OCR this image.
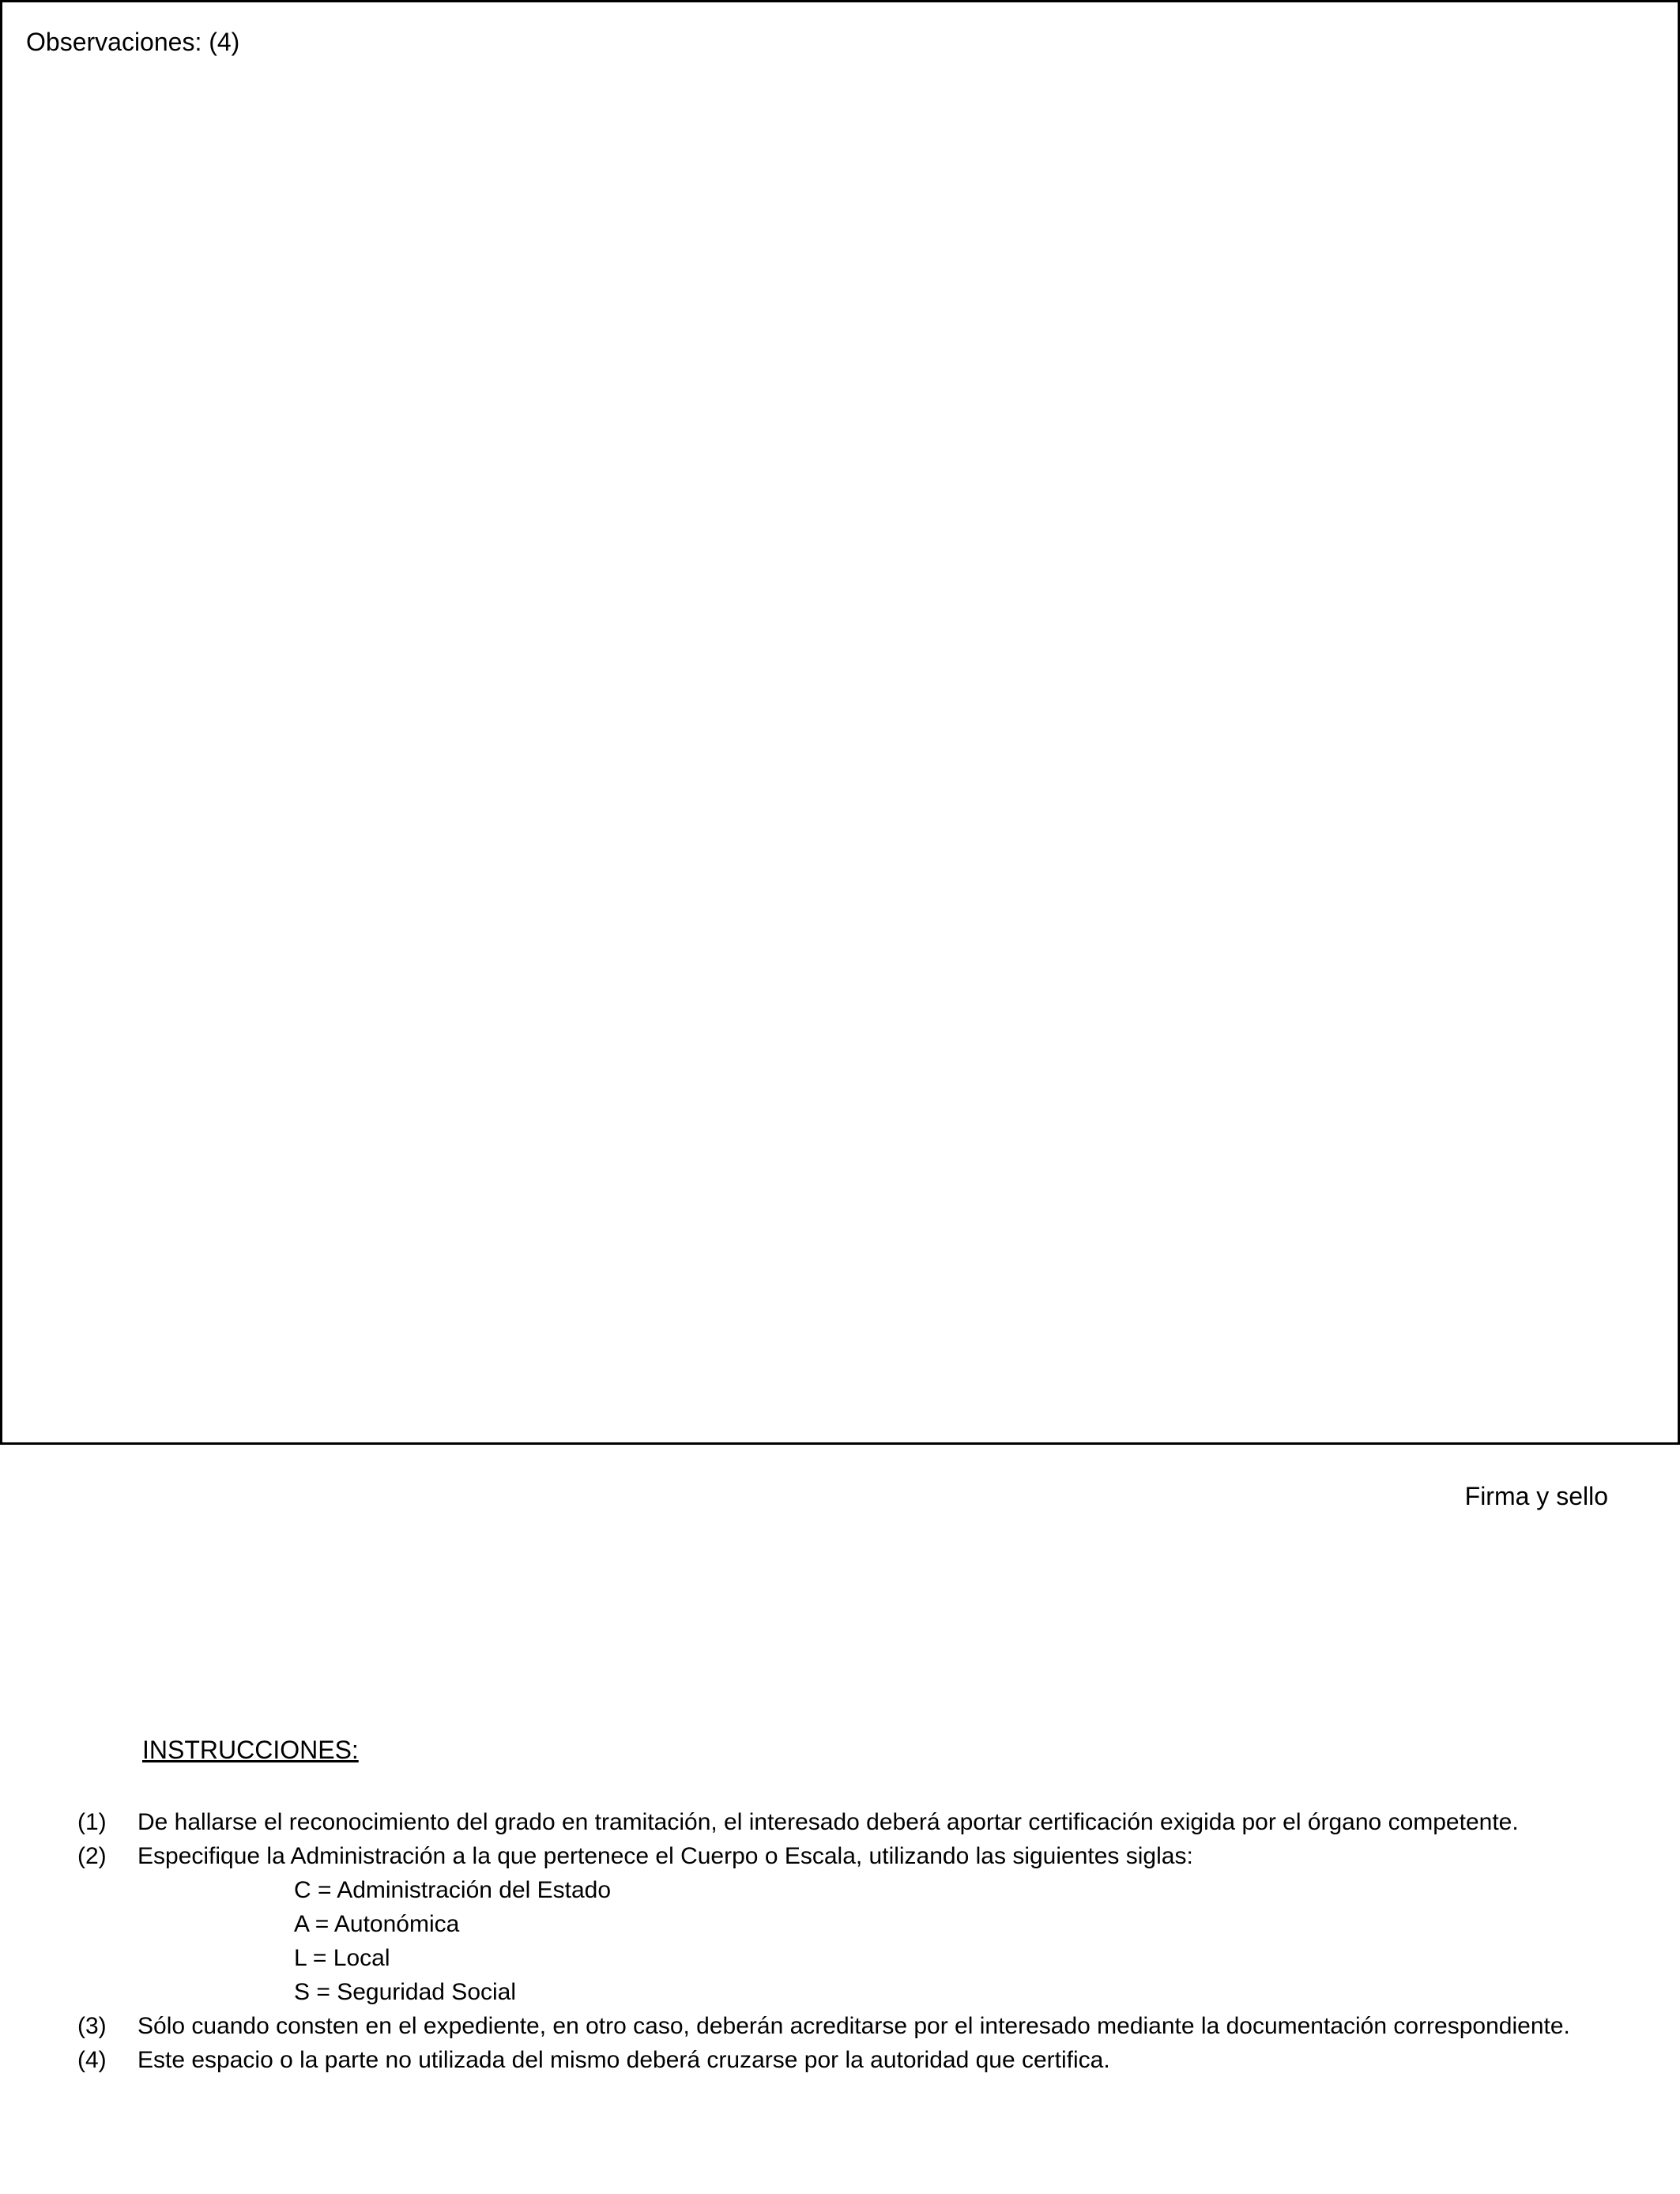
Observaciones: (4)
Firma y sello
INSTRUCCIONES:

(1) De hallarse el reconocimiento del grado en tramitación, el interesado deberá aportar certificación exigida por el órgano competente.

(2) Especifique la Administración a la que pertenece el Cuerpo o Escala, utilizando las siguientes siglas:

C = Administración del Estado

A = Autonómica

L = Local

S = Seguridad Social

(3) Sólo cuando consten en el expediente, en otro caso, deberán acreditarse por el interesado mediante la documentación correspondiente.

(4) Este espacio o la parte no utilizada del mismo deberá cruzarse por la autoridad que certifica.
